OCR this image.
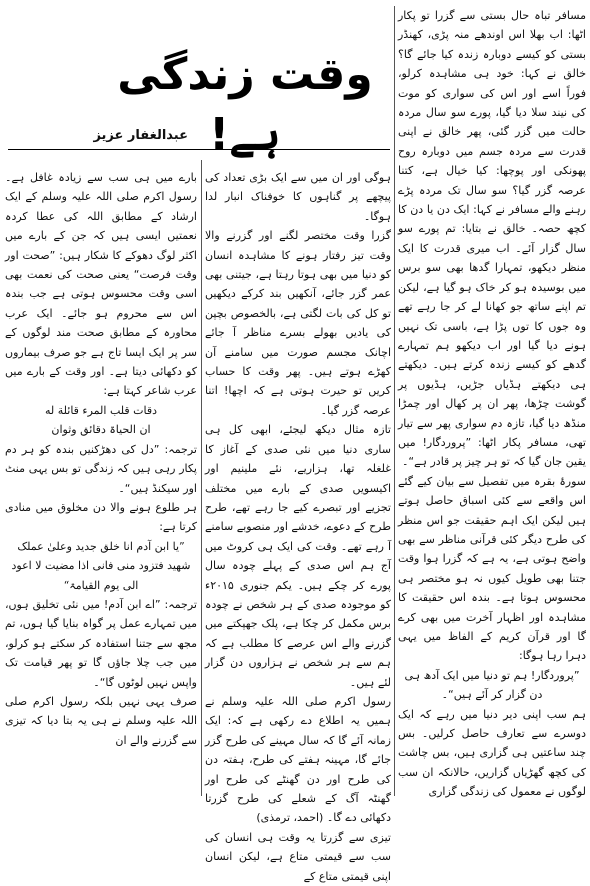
مسافر تباہ حال بستی سے گزرا تو پکار اٹھا: اب بھلا اس اوندھے منہ پڑی، کھنڈر بستی کو کیسے دوبارہ زندہ کیا جائے گا؟ خالق نے کہا: خود ہی مشاہدہ کرلو، فوراً اسے اور اس کی سواری کو موت کی نیند سلا دیا گیا، پورے سو سال مردہ حالت میں گزر گئی، پھر خالق نے اپنی قدرت سے مردہ جسم میں دوبارہ روح پھونکی اور پوچھا: کیا خیال ہے، کتنا عرصہ گزر گیا؟ سو سال تک مردہ پڑے رہنے والے مسافر نے کہا: ایک دن یا دن کا کچھ حصہ۔ خالق نے بتایا: تم پورے سو سال گزار آئے۔ اب میری قدرت کا ایک منظر دیکھو، تمہارا گدھا بھی سو برس میں بوسیدہ ہو کر خاک ہو گیا ہے، لیکن تم اپنے ساتھ جو کھانا لے کر جا رہے تھے وہ جوں کا توں پڑا ہے، باسی تک نہیں ہونے دیا گیا اور اب دیکھو ہم تمہارے گدھے کو کیسے زندہ کرتے ہیں۔ دیکھتے ہی دیکھتے ہڈیاں جڑیں، ہڈیوں پر گوشت چڑھا، پھر ان پر کھال اور چمڑا منڈھ دیا گیا، تازہ دم سواری پھر سے تیار تھی، مسافر پکار اٹھا: ”پروردگار! میں یقین جان گیا کہ تو ہر چیز پر قادر ہے“۔

سورۂ بقرہ میں تفصیل سے بیان کیے گئے اس واقعے سے کئی اسباق حاصل ہوتے ہیں لیکن ایک اہم حقیقت جو اس منظر کی طرح دیگر کئی قرآنی مناظر سے بھی واضح ہوتی ہے، یہ ہے کہ گزرا ہوا وقت جتنا بھی طویل کیوں نہ ہو مختصر ہی محسوس ہوتا ہے۔ بندہ اس حقیقت کا مشاہدہ اور اظہار آخرت میں بھی کرے گا اور قرآن کریم کے الفاظ میں یہی دہرا رہا ہوگا:

”پروردگار! ہم تو دنیا میں ایک آدھ ہی دن گزار کر آئے ہیں“۔

ہم سب اپنی دیر دنیا میں رہے کہ ایک دوسرے سے تعارف حاصل کرلیں۔ بس چند ساعتیں ہی گزاری ہیں، بس چاشت کی کچھ گھڑیاں گزاریں، حالانکہ ان سب لوگوں نے معمول کی زندگی گزاری

وقت زندگی ہے!
عبدالغفار عزیز

ہوگی اور ان میں سے ایک بڑی تعداد کی پیچھے پر گناہوں کا خوفناک انبار لدا ہوگا۔

گزرا وقت مختصر لگنے اور گزرنے والا وقت تیز رفتار ہونے کا مشاہدہ انسان کو دنیا میں بھی ہوتا رہتا ہے، جیتنی بھی عمر گزر جائے، آنکھیں بند کرکے دیکھیں تو کل کی بات لگتی ہے، بالخصوص بچپن کی یادیں بھولے بسرے مناظر آ جائے اچانک مجسم صورت میں سامنے آن کھڑے ہوتے ہیں۔ پھر وقت کا حساب کریں تو حیرت ہوتی ہے کہ اچھا! اتنا عرصہ گزر گیا۔

تازہ مثال دیکھ لیجئے، ابھی کل ہی ساری دنیا میں نئی صدی کے آغاز کا غلغلہ تھا، ہزاریے، نئے ملینیم اور اکیسویں صدی کے بارے میں مختلف تجزیے اور تبصرے کیے جا رہے تھے، طرح طرح کے دعوے، خدشے اور منصوبے سامنے آ رہے تھے۔ وقت کی ایک ہی کروٹ میں آج ہم اس صدی کے پہلے چودہ سال پورے کر چکے ہیں۔ یکم جنوری ۲۰۱۵ء کو موجودہ صدی کے ہر شخص نے چودہ برس مکمل کر چکا ہے، پلک جھپکتے میں گزرنے والے اس عرصے کا مطلب ہے کہ ہم سے ہر شخص نے ہزاروں دن گزار لئے ہیں۔

رسول اکرم صلی اللہ علیہ وسلم نے ہمیں یہ اطلاع دے رکھی ہے کہ: ایک زمانہ آئے گا کہ سال مہینے کی طرح گزر جائے گا، مہینہ ہفتے کی طرح، ہفتہ دن کی طرح اور دن گھنٹے کی طرح اور گھنٹہ آگ کے شعلے کی طرح گزرتا دکھائی دے گا۔ (احمد، ترمذی)

تیزی سے گزرتا یہ وقت ہی انسان کی سب سے قیمتی متاع ہے، لیکن انسان اپنی قیمتی متاع کے

بارے میں ہی سب سے زیادہ غافل ہے۔ رسول اکرم صلی اللہ علیہ وسلم کے ایک ارشاد کے مطابق اللہ کی عطا کردہ نعمتیں ایسی ہیں کہ جن کے بارے میں اکثر لوگ دھوکے کا شکار ہیں: ”صحت اور وقت فرصت“ یعنی صحت کی نعمت بھی اسی وقت محسوس ہوتی ہے جب بندہ اس سے محروم ہو جائے۔ ایک عرب محاورہ کے مطابق صحت مند لوگوں کے سر پر ایک ایسا تاج ہے جو صرف بیماروں کو دکھائی دیتا ہے۔ اور وقت کے بارے میں عرب شاعر کہتا ہے:

دقات قلب المرء قائلة له

ان الحیاۃ دقائق وثوان

ترجمہ: ”دل کی دھڑکنیں بندہ کو ہر دم پکار رہی ہیں کہ زندگی تو بس یہی منٹ اور سیکنڈ ہیں“۔

ہر طلوع ہونے والا دن مخلوق میں منادی کرتا ہے:

”یا ابن آدم انا خلق جدید وعلیٰ عملک شھید فتزود منی فانی اذا مضیت لا اعود الی یوم القیامۃ“

ترجمہ: ”اے ابن آدم! میں نئی تخلیق ہوں، میں تمہارے عمل پر گواہ بنایا گیا ہوں، تم مجھ سے جتنا استفادہ کر سکتے ہو کرلو، میں جب چلا جاؤں گا تو پھر قیامت تک واپس نہیں لوٹوں گا“۔

صرف یہی نہیں بلکہ رسول اکرم صلی اللہ علیہ وسلم نے ہی یہ بتا دیا کہ تیزی سے گزرنے والے ان
